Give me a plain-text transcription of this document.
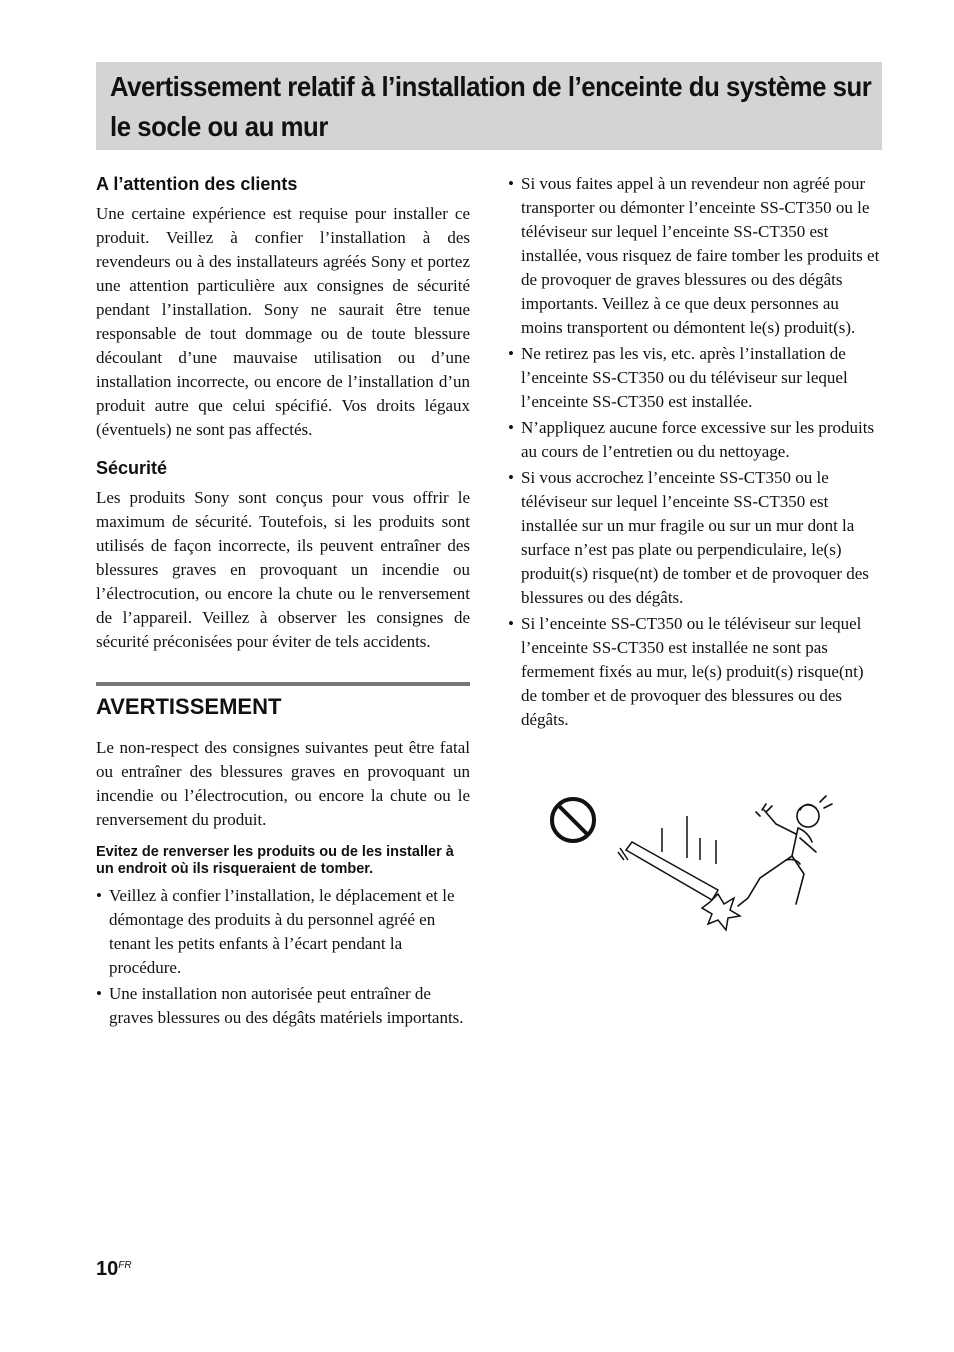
Avertissement relatif à l’installation de l’enceinte du système sur le socle ou au mur
A l’attention des clients

Une certaine expérience est requise pour installer ce produit. Veillez à confier l’installation à des revendeurs ou à des installateurs agréés Sony et portez une attention particulière aux consignes de sécurité pendant l’installation. Sony ne saurait être tenue responsable de tout dommage ou de toute blessure découlant d’une mauvaise utilisation ou d’une installation incorrecte, ou encore de l’installation d’un produit autre que celui spécifié. Vos droits légaux (éventuels) ne sont pas affectés.

Sécurité

Les produits Sony sont conçus pour vous offrir le maximum de sécurité. Toutefois, si les produits sont utilisés de façon incorrecte, ils peuvent entraîner des blessures graves en provoquant un incendie ou l’électrocution, ou encore la chute ou le renversement de l’appareil. Veillez à observer les consignes de sécurité préconisées pour éviter de tels accidents.

AVERTISSEMENT

Le non-respect des consignes suivantes peut être fatal ou entraîner des blessures graves en provoquant un incendie ou l’électrocution, ou encore la chute ou le renversement du produit.

Evitez de renverser les produits ou de les installer à un endroit où ils risqueraient de tomber.
• Veillez à confier l’installation, le déplacement et le démontage des produits à du personnel agréé en tenant les petits enfants à l’écart pendant la procédure.
• Une installation non autorisée peut entraîner de graves blessures ou des dégâts matériels importants.
• Si vous faites appel à un revendeur non agréé pour transporter ou démonter l’enceinte SS-CT350 ou le téléviseur sur lequel l’enceinte SS-CT350 est installée, vous risquez de faire tomber les produits et de provoquer de graves blessures ou des dégâts importants. Veillez à ce que deux personnes au moins transportent ou démontent le(s) produit(s).
• Ne retirez pas les vis, etc. après l’installation de l’enceinte SS-CT350 ou du téléviseur sur lequel l’enceinte SS-CT350 est installée.
• N’appliquez aucune force excessive sur les produits au cours de l’entretien ou du nettoyage.
• Si vous accrochez l’enceinte SS-CT350 ou le téléviseur sur lequel l’enceinte SS-CT350 est installée sur un mur fragile ou sur un mur dont la surface n’est pas plate ou perpendiculaire, le(s) produit(s) risque(nt) de tomber et de provoquer des blessures ou des dégâts.
• Si l’enceinte SS-CT350 ou le téléviseur sur lequel l’enceinte SS-CT350 est installée ne sont pas fermement fixés au mur, le(s) produit(s) risque(nt) de tomber et de provoquer des blessures ou des dégâts.
$10^{FR}$
